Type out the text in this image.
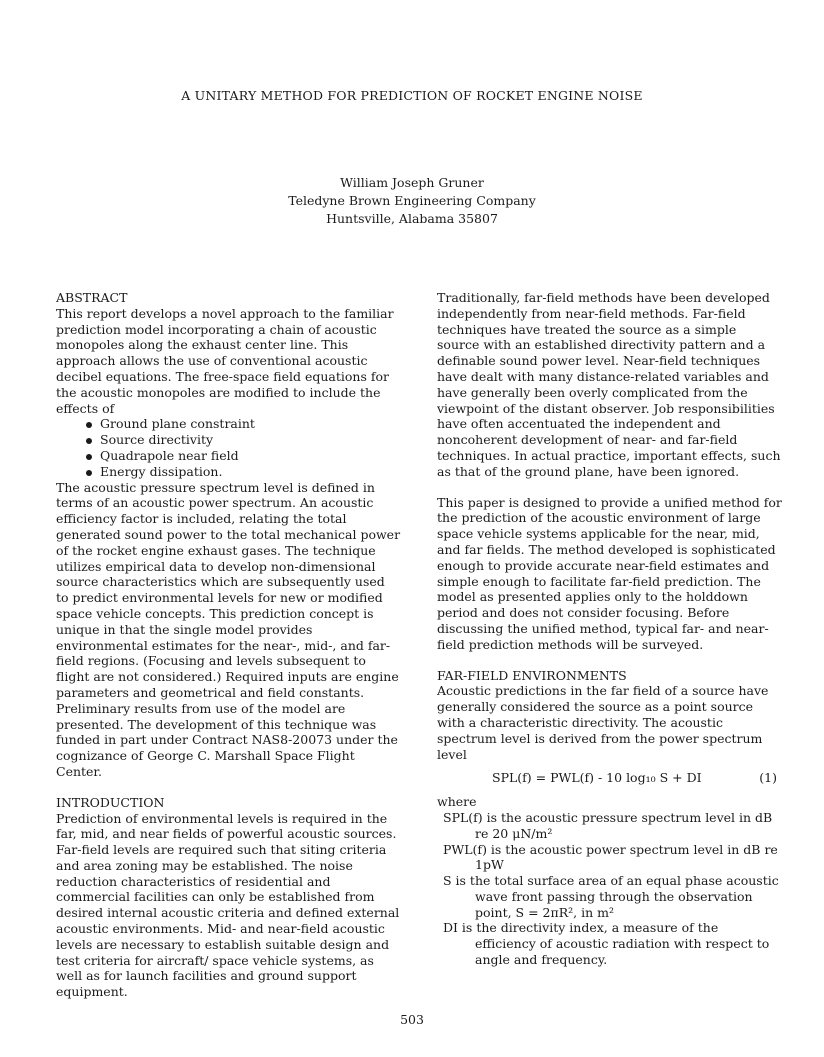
A UNITARY METHOD FOR PREDICTION OF ROCKET ENGINE NOISE
William Joseph Gruner
Teledyne Brown Engineering Company
Huntsville, Alabama 35807

ABSTRACT

This report develops a novel approach to the familiar prediction model incorporating a chain of acoustic monopoles along the exhaust center line. This approach allows the use of conventional acoustic decibel equations. The free-space field equations for the acoustic monopoles are modified to include the effects of

Ground plane constraint
Source directivity
Quadrapole near field
Energy dissipation.

The acoustic pressure spectrum level is defined in terms of an acoustic power spectrum. An acoustic efficiency factor is included, relating the total generated sound power to the total mechanical power of the rocket engine exhaust gases. The technique utilizes empirical data to develop non-dimensional source characteristics which are subsequently used to predict environmental levels for new or modified space vehicle concepts. This prediction concept is unique in that the single model provides environmental estimates for the near-, mid-, and far-field regions. (Focusing and levels subsequent to flight are not considered.) Required inputs are engine parameters and geometrical and field constants. Preliminary results from use of the model are presented. The development of this technique was funded in part under Contract NAS8-20073 under the cognizance of George C. Marshall Space Flight Center.

INTRODUCTION

Prediction of environmental levels is required in the far, mid, and near fields of powerful acoustic sources. Far-field levels are required such that siting criteria and area zoning may be established. The noise reduction characteristics of residential and commercial facilities can only be established from desired internal acoustic criteria and defined external acoustic environments. Mid- and near-field acoustic levels are necessary to establish suitable design and test criteria for aircraft/ space vehicle systems, as well as for launch facilities and ground support equipment.

Traditionally, far-field methods have been developed independently from near-field methods. Far-field techniques have treated the source as a simple source with an established directivity pattern and a definable sound power level. Near-field techniques have dealt with many distance-related variables and have generally been overly complicated from the viewpoint of the distant observer. Job responsibilities have often accentuated the independent and noncoherent development of near- and far-field techniques. In actual practice, important effects, such as that of the ground plane, have been ignored.

This paper is designed to provide a unified method for the prediction of the acoustic environment of large space vehicle systems applicable for the near, mid, and far fields. The method developed is sophisticated enough to provide accurate near-field estimates and simple enough to facilitate far-field prediction. The model as presented applies only to the holddown period and does not consider focusing. Before discussing the unified method, typical far- and near-field prediction methods will be surveyed.

FAR-FIELD ENVIRONMENTS

Acoustic predictions in the far field of a source have generally considered the source as a point source with a characteristic directivity. The acoustic spectrum level is derived from the power spectrum level

SPL(f) = PWL(f) - 10 log₁₀ S + DI	(1)

where

SPL(f) is the acoustic pressure spectrum level in dB re 20 μN/m²

PWL(f) is the acoustic power spectrum level in dB re 1pW

S is the total surface area of an equal phase acoustic wave front passing through the observation point, S = 2πR², in m²

DI is the directivity index, a measure of the efficiency of acoustic radiation with respect to angle and frequency.

503
